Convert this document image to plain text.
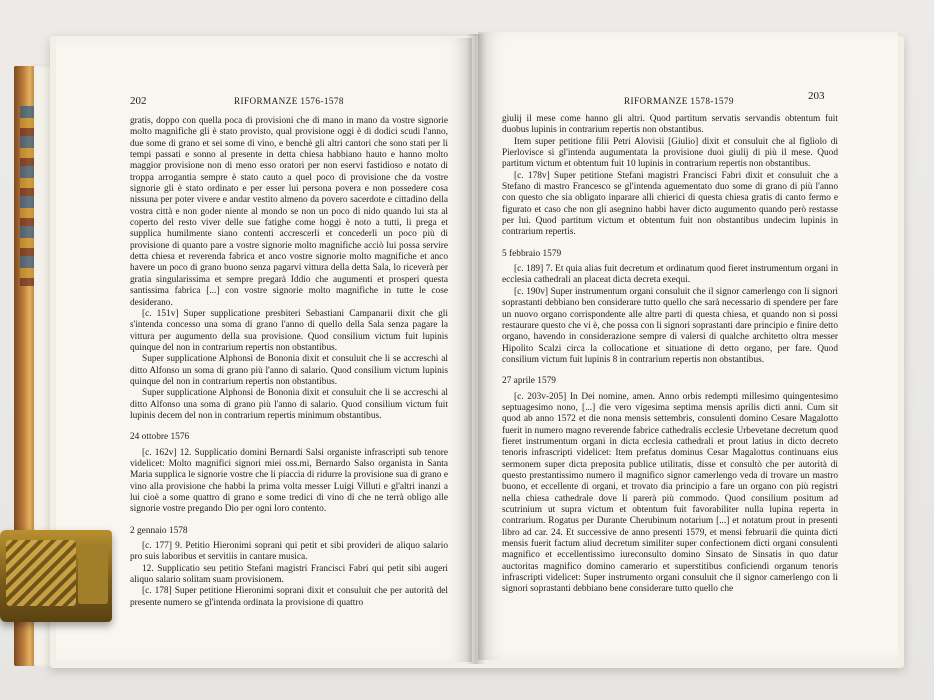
202	RIFORMANZE 1576-1578

gratis, doppo con quella poca di provisioni che di mano in mano da vostre signorie molto magnifiche gli è stato provisto, qual provisione oggi è di dodici scudi l'anno, due some di grano et sei some di vino, e benchè gli altri cantori che sono stati per li tempi passati e sonno al presente in detta chiesa habbiano hauto e hanno molto maggior provisione non di meno esso oratori per non eservi fastidioso e notato di troppa arrogantia sempre è stato cauto a quel poco di provisione che da vostre signorie gli è stato ordinato e per esser lui persona povera e non possedere cosa nissuna per poter vivere e andar vestito almeno da povero sacerdote e cittadino della vostra città e non goder niente al mondo se non un poco di nido quando lui sta al coperto del resto viver delle sue fatighe come hoggi è noto a tutti, li prega et supplica humilmente siano contenti accrescerli et concederli un poco più di provisione di quanto pare a vostre signorie molto magnifiche acciò lui possa servire detta chiesa et reverenda fabrica et anco vostre signorie molto magnifiche et anco havere un poco di grano buono senza pagarvi vittura della detta Sala, lo riceverà per gratia singularissima et sempre pregarà Iddio che augumenti et prosperi questa santissima fabrica [...] con vostre signorie molto magnifiche in tutte le cose desiderano.

[c. 151v] Super supplicatione presbiteri Sebastiani Campanarii dixit che gli s'intenda concesso una soma di grano l'anno di quello della Sala senza pagare la vittura per augumento della sua provisione. Quod consilium victum fuit lupinis quinque del non in contrarium repertis non obstantibus.

Super supplicatione Alphonsi de Bononia dixit et consuluit che li se accreschi al ditto Alfonso un soma di grano più l'anno di salario. Quod consilium victum lupinis quinque del non in contrarium repertis non obstantibus.

Super supplicatione Alphonsi de Bononia dixit et consuluit che li se accreschi al ditto Alfonso una soma di grano più l'anno di salario. Quod consilium victum fuit lupinis decem del non in contrarium repertis minimum obstantibus.

24 ottobre 1576

[c. 162v] 12. Supplicatio domini Bernardi Salsi organiste infrascripti sub tenore videlicet: Molto magnifici signori miei oss.mi, Bernardo Salso organista in Santa Maria supplica le signorie vostre che li piaccia di ridurre la provisione sua di grano e vino alla provisione che habbi la prima volta messer Luigi Villuti e gl'altri inanzi a lui cioè a some quattro di grano e some tredici di vino di che ne terrà obligo alle signorie vostre pregando Dio per ogni loro contento.

2 gennaio 1578

[c. 177] 9. Petitio Hieronimi soprani qui petit et sibi provideri de aliquo salario pro suis laboribus et servitiis in cantare musica.

12. Supplicatio seu petitio Stefani magistri Francisci Fabri qui petit sibi augeri aliquo salario solitam suam provisionem.

[c. 178] Super petitione Hieronimi soprani dixit et consuluit che per autorità del presente numero se gl'intenda ordinata la provisione di quattro

RIFORMANZE 1578-1579	203

giulij il mese come hanno gli altri. Quod partitum servatis servandis obtentum fuit duobus lupinis in contrarium repertis non obstantibus.

Item super petitione filii Petri Alovisii [Giulio] dixit et consuluit che al figliolo di Pierlovisce si gl'intenda augumentata la provisione duoi giulij di più il mese. Quod partitum victum et obtentum fuit 10 lupinis in contrarium repertis non obstantibus.

[c. 178v] Super petitione Stefani magistri Francisci Fabri dixit et consuluit che a Stefano di mastro Francesco se gl'intenda aguementato duo some di grano di più l'anno con questo che sia obligato inparare alli chierici di questa chiesa gratis di canto fermo e figurato et caso che non gli asegnino habbi haver dicto augumento quando però restasse per lui. Quod partitum victum et obtentum fuit non obstantibus undecim lupinis in contrarium repertis.

5 febbraio 1579

[c. 189] 7. Et quia alias fuit decretum et ordinatum quod fieret instrumentum organi in ecclesia cathedrali an placeat dicta decreta exequi.

[c. 190v] Super instrumentum organi consuluit che il signor camerlengo con li signori soprastanti debbiano ben considerare tutto quello che sarà necessario di spendere per fare un nuovo organo corrispondente alle altre parti di questa chiesa, et quando non si possi restaurare questo che vi è, che possa con li signori soprastanti dare principio e finire detto organo, havendo in considerazione sempre di valersi di qualche architetto oltra messer Hipolito Scalzi circa la collocatione et situatione di detto organo, per fare. Quod consilium victum fuit lupinis 8 in contrarium repertis non obstantibus.

27 aprile 1579

[c. 203v-205] In Dei nomine, amen. Anno orbis redempti millesimo quingentesimo septuagesimo nono, [...] die vero vigesima septima mensis aprilis dicti anni. Cum sit quod ab anno 1572 et die nona mensis settembris, consulenti domino Cesare Magalotto fuerit in numero magno reverende fabrice cathedralis ecclesie Urbevetane decretum quod fieret instrumentum organi in dicta ecclesia cathedrali et prout latius in dicto decreto tenoris infrascripti videlicet: Item prefatus dominus Cesar Magalottus continuans eius sermonem super dicta preposita publice utilitatis, disse et consultò che per autorità di questo prestantissimo numero il magnifico signor camerlengo veda di trovare un mastro buono, et eccellente di organi, et trovato dia principio a fare un organo con più registri nella chiesa cathedrale dove li parerà più commodo. Quod consilium positum ad scutrinium ut supra victum et obtentum fuit favorabiliter nulla lupina reperta in contrarium. Rogatus per Durante Cherubinum notarium [...] et notatum prout in presenti libro ad car. 24. Et successive de anno presenti 1579, et mensi februarii die quinta dicti mensis fuerit factum aliud decretum similiter super confectionem dicti organi consulenti magnifico et eccellentissimo iureconsulto domino Sinsato de Sinsatis in quo datur auctoritas magnifico domino camerario et superstitibus conficiendi organum tenoris infrascripti videlicet: Super instrumento organi consuluit che il signor camerlengo con li signori soprastanti debbiano bene considerare tutto quello che
